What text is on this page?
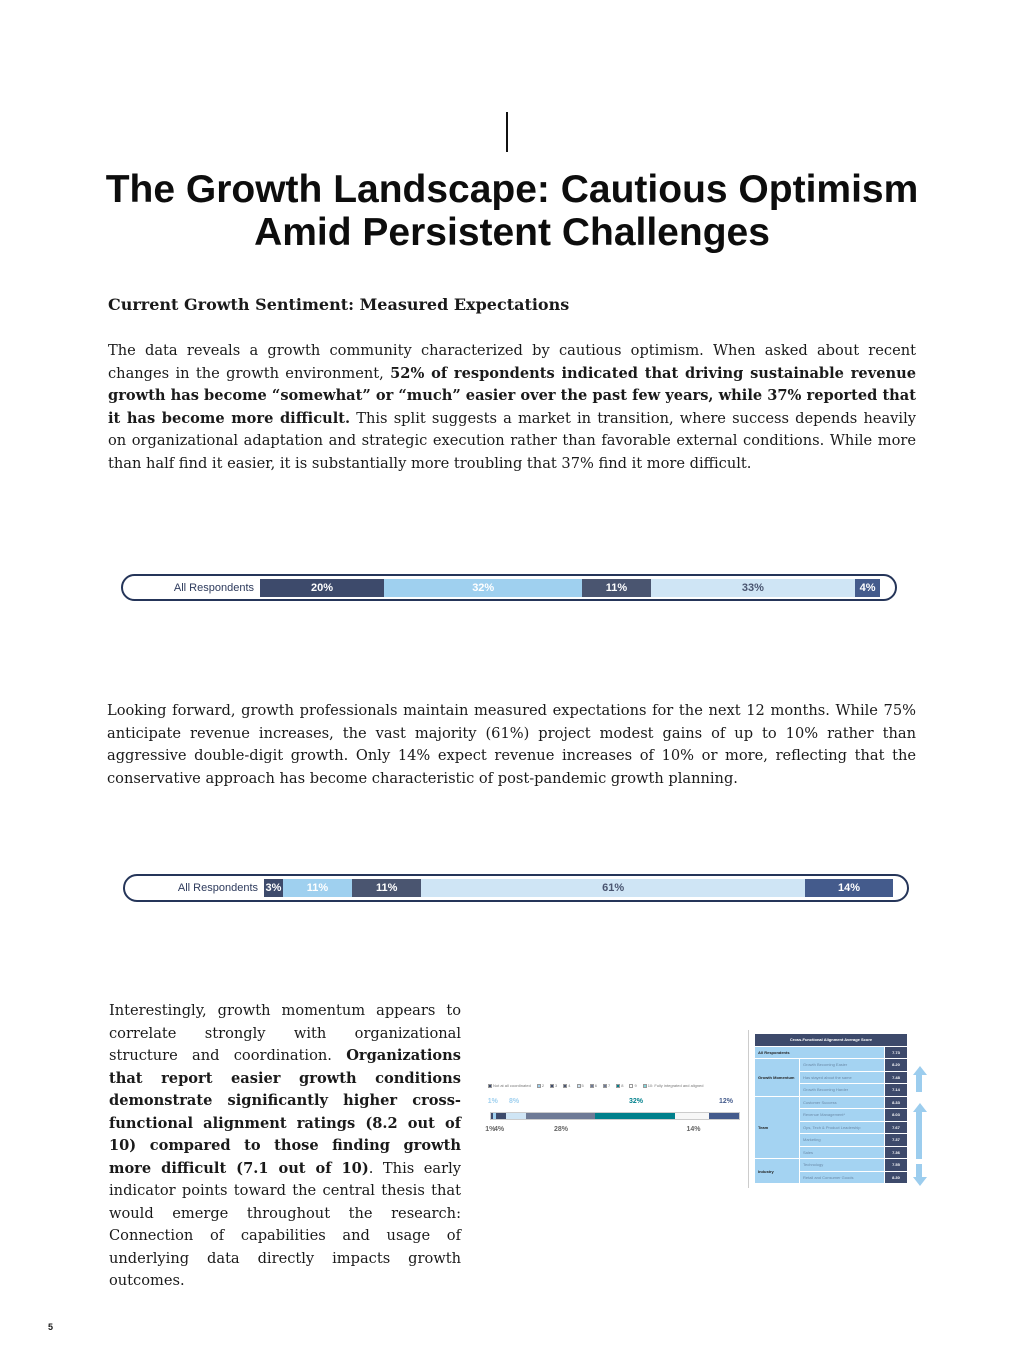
The Growth Landscape: Cautious Optimism Amid Persistent Challenges
Current Growth Sentiment: Measured Expectations

The data reveals a growth community characterized by cautious optimism. When asked about recent changes in the growth environment, 52% of respondents indicated that driving sustainable revenue growth has become “somewhat” or “much” easier over the past few years, while 37% reported that it has become more difficult. This split suggests a market in transition, where success depends heavily on organizational adaptation and strategic execution rather than favorable external conditions. While more than half find it easier, it is substantially more troubling that 37% find it more difficult.

All Respondents	20%	32%	11%	33%	4%

Looking forward, growth professionals maintain measured expectations for the next 12 months. While 75% anticipate revenue increases, the vast majority (61%) project modest gains of up to 10% rather than aggressive double-digit growth. Only 14% expect revenue increases of 10% or more, reflecting that the conservative approach has become characteristic of post-pandemic growth planning.

All Respondents 3%	11%	11%	61%	14%

Interestingly, growth momentum appears to correlate strongly with organizational structure and coordination. Organizations that report easier growth conditions demonstrate significantly higher cross-functional alignment ratings (8.2 out of 10) compared to those finding growth more difficult (7.1 out of 10). This early indicator points toward the central thesis that would emerge throughout the research: Connection of capabilities and usage of underlying data directly impacts growth outcomes.

Not at all coordinated	2	3	4	5	6	7	8	9	10: Fully integrated and aligned
1%
1%
4%
8%
28%
32%
14%
12%
Cross-Functional Alignment Average Score		
All Respondents		7.73
Growth Momentum	Growth Becoming Easier	8.20
	Has stayed about the same	7.48
	Growth Becoming Harder	7.14
Team	Customer Success	8.33
	Revenue Management*	8.03
	Ops, Tech & Product Leadership	7.67
	Marketing	7.37
	Sales	7.36
Industry	Technology	7.55
	Retail and Consumer Goods	8.30
5
